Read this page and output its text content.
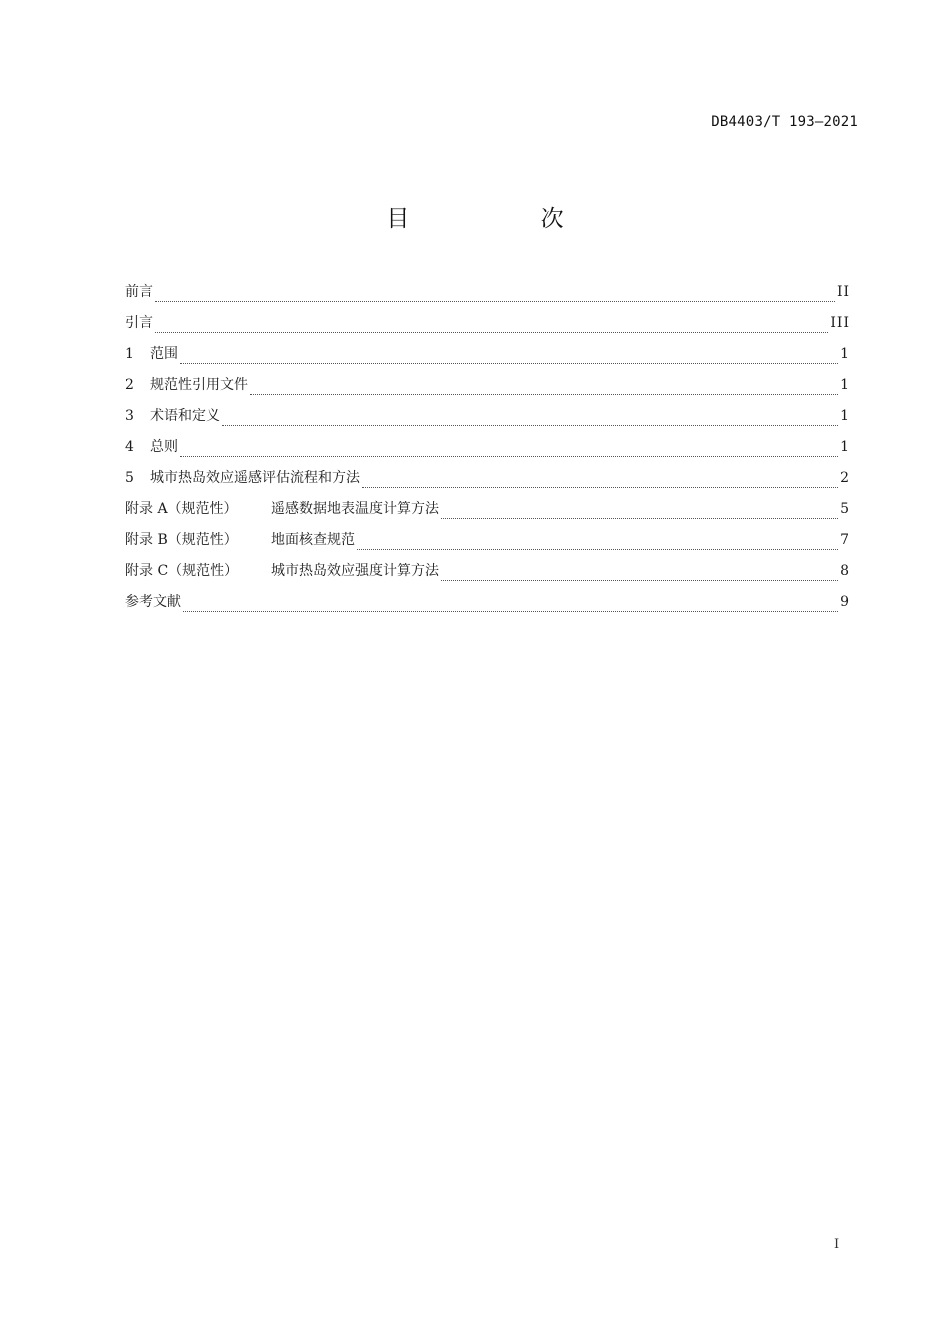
DB4403/T 193—2021
目 次
前言	II
引言	III
1	范围	1
2	规范性引用文件	1
3	术语和定义	1
4	总则	1
5	城市热岛效应遥感评估流程和方法	2
附录 A（规范性）	遥感数据地表温度计算方法	5
附录 B（规范性）	地面核查规范	7
附录 C（规范性）	城市热岛效应强度计算方法	8
参考文献	9
I
